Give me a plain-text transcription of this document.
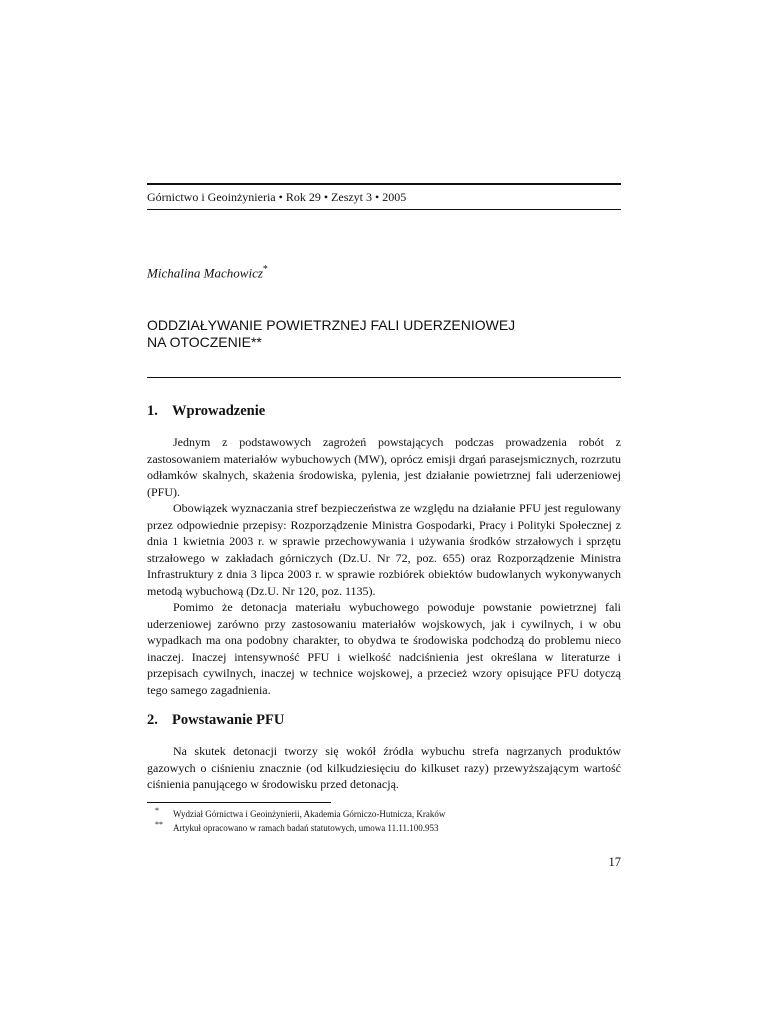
Górnictwo i Geoinżynieria • Rok 29 • Zeszyt 3 • 2005
Michalina Machowicz*
ODDZIAŁYWANIE POWIETRZNEJ FALI UDERZENIOWEJ
NA OTOCZENIE**
1. Wprowadzenie

Jednym z podstawowych zagrożeń powstających podczas prowadzenia robót z zastosowaniem materiałów wybuchowych (MW), oprócz emisji drgań parasejsmicznych, rozrzutu odłamków skalnych, skażenia środowiska, pylenia, jest działanie powietrznej fali uderzeniowej (PFU).

Obowiązek wyznaczania stref bezpieczeństwa ze względu na działanie PFU jest regulowany przez odpowiednie przepisy: Rozporządzenie Ministra Gospodarki, Pracy i Polityki Społecznej z dnia 1 kwietnia 2003 r. w sprawie przechowywania i używania środków strzałowych i sprzętu strzałowego w zakładach górniczych (Dz.U. Nr 72, poz. 655) oraz Rozporządzenie Ministra Infrastruktury z dnia 3 lipca 2003 r. w sprawie rozbiórek obiektów budowlanych wykonywanych metodą wybuchową (Dz.U. Nr 120, poz. 1135).

Pomimo że detonacja materiału wybuchowego powoduje powstanie powietrznej fali uderzeniowej zarówno przy zastosowaniu materiałów wojskowych, jak i cywilnych, i w obu wypadkach ma ona podobny charakter, to obydwa te środowiska podchodzą do problemu nieco inaczej. Inaczej intensywność PFU i wielkość nadciśnienia jest określana w literaturze i przepisach cywilnych, inaczej w technice wojskowej, a przecież wzory opisujące PFU dotyczą tego samego zagadnienia.

2. Powstawanie PFU

Na skutek detonacji tworzy się wokół źródła wybuchu strefa nagrzanych produktów gazowych o ciśnieniu znacznie (od kilkudziesięciu do kilkuset razy) przewyższającym wartość ciśnienia panującego w środowisku przed detonacją.

* Wydział Górnictwa i Geoinżynierii, Akademia Górniczo-Hutnicza, Kraków
** Artykuł opracowano w ramach badań statutowych, umowa 11.11.100.953
17
